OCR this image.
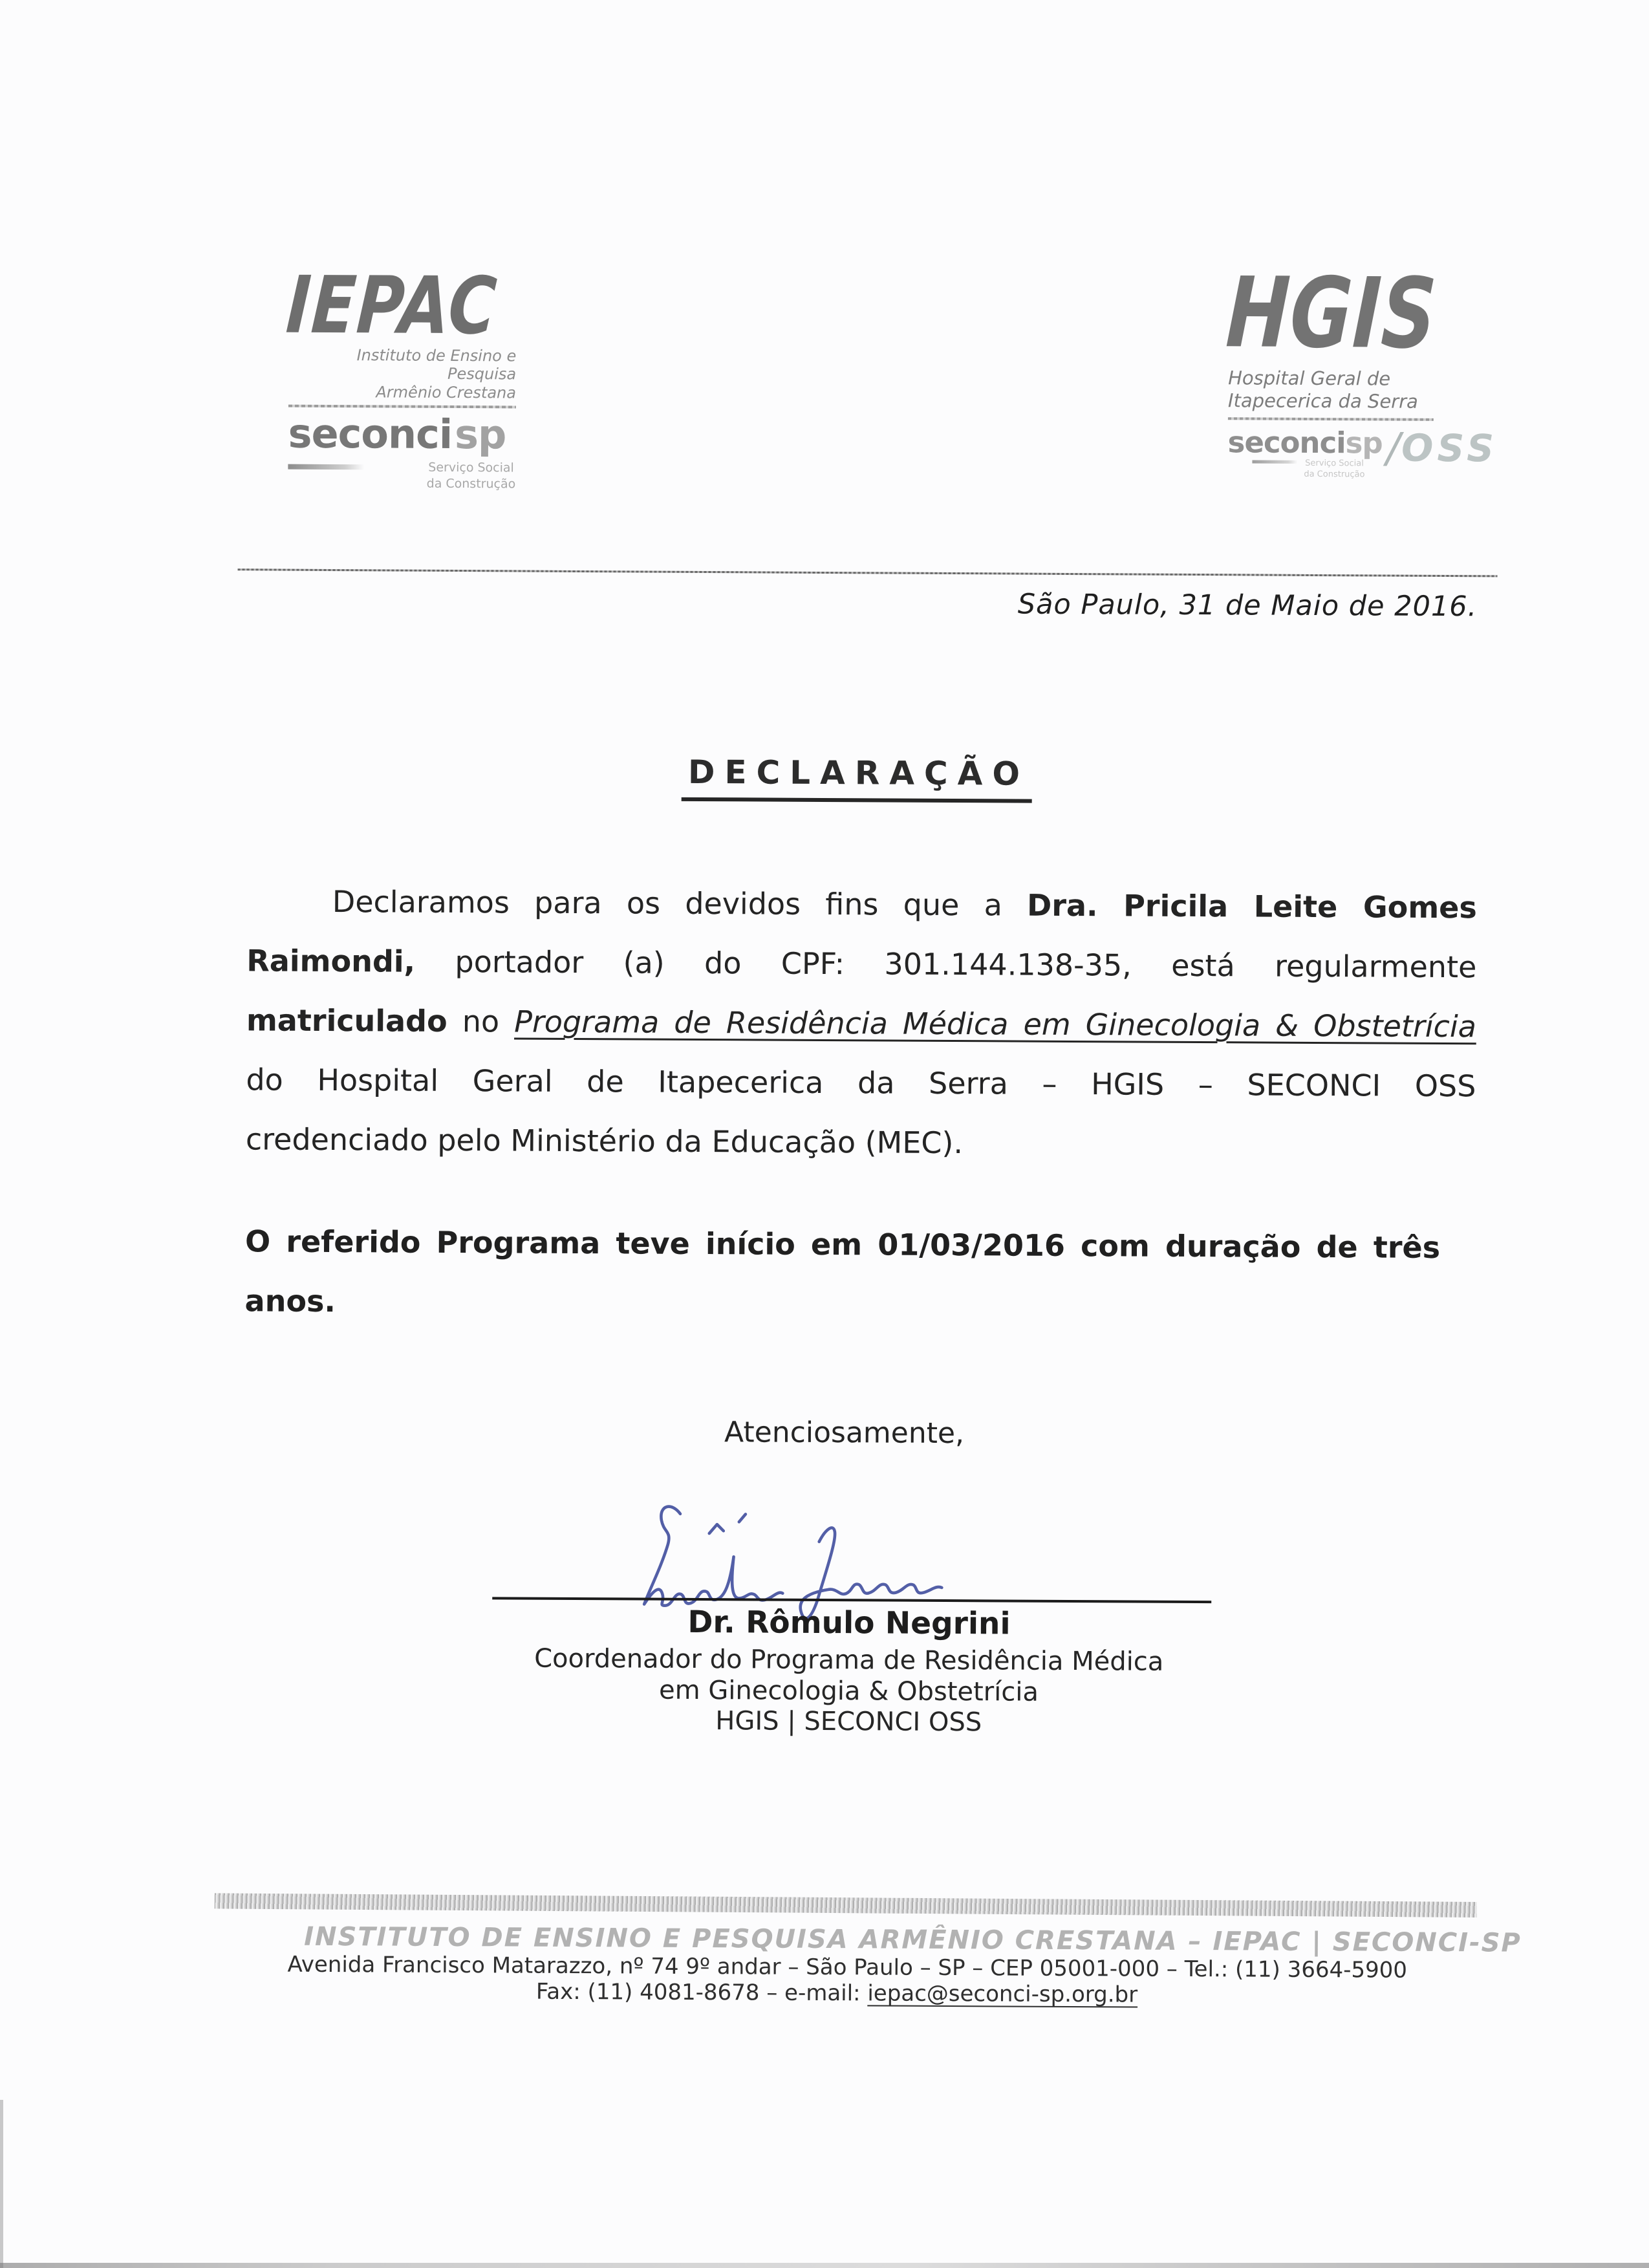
IEPAC
Instituto de Ensino e Pesquisa
Armênio Crestana
seconcisp
Serviço Social
da Construção
HGIS
Hospital Geral de
Itapecerica da Serra
seconcisp/OSS
Serviço Social
da Construção
São Paulo, 31 de Maio de 2016.
DECLARAÇÃO
Declaramos para os devidos fins que a Dra. Pricila Leite Gomes
Raimondi, portador (a) do CPF: 301.144.138-35, está regularmente
matriculado no Programa de Residência Médica em Ginecologia & Obstetrícia
do Hospital Geral de Itapecerica da Serra – HGIS – SECONCI OSS
credenciado pelo Ministério da Educação (MEC).
O referido Programa teve início em 01/03/2016 com duração de três anos.
Atenciosamente,
Dr. Rômulo Negrini
Coordenador do Programa de Residência Médica
em Ginecologia & Obstetrícia
HGIS | SECONCI OSS
INSTITUTO DE ENSINO E PESQUISA ARMÊNIO CRESTANA – IEPAC | SECONCI-SP
Avenida Francisco Matarazzo, nº 74 9º andar – São Paulo – SP – CEP 05001-000 – Tel.: (11) 3664-5900
Fax: (11) 4081-8678 – e-mail: iepac@seconci-sp.org.br
